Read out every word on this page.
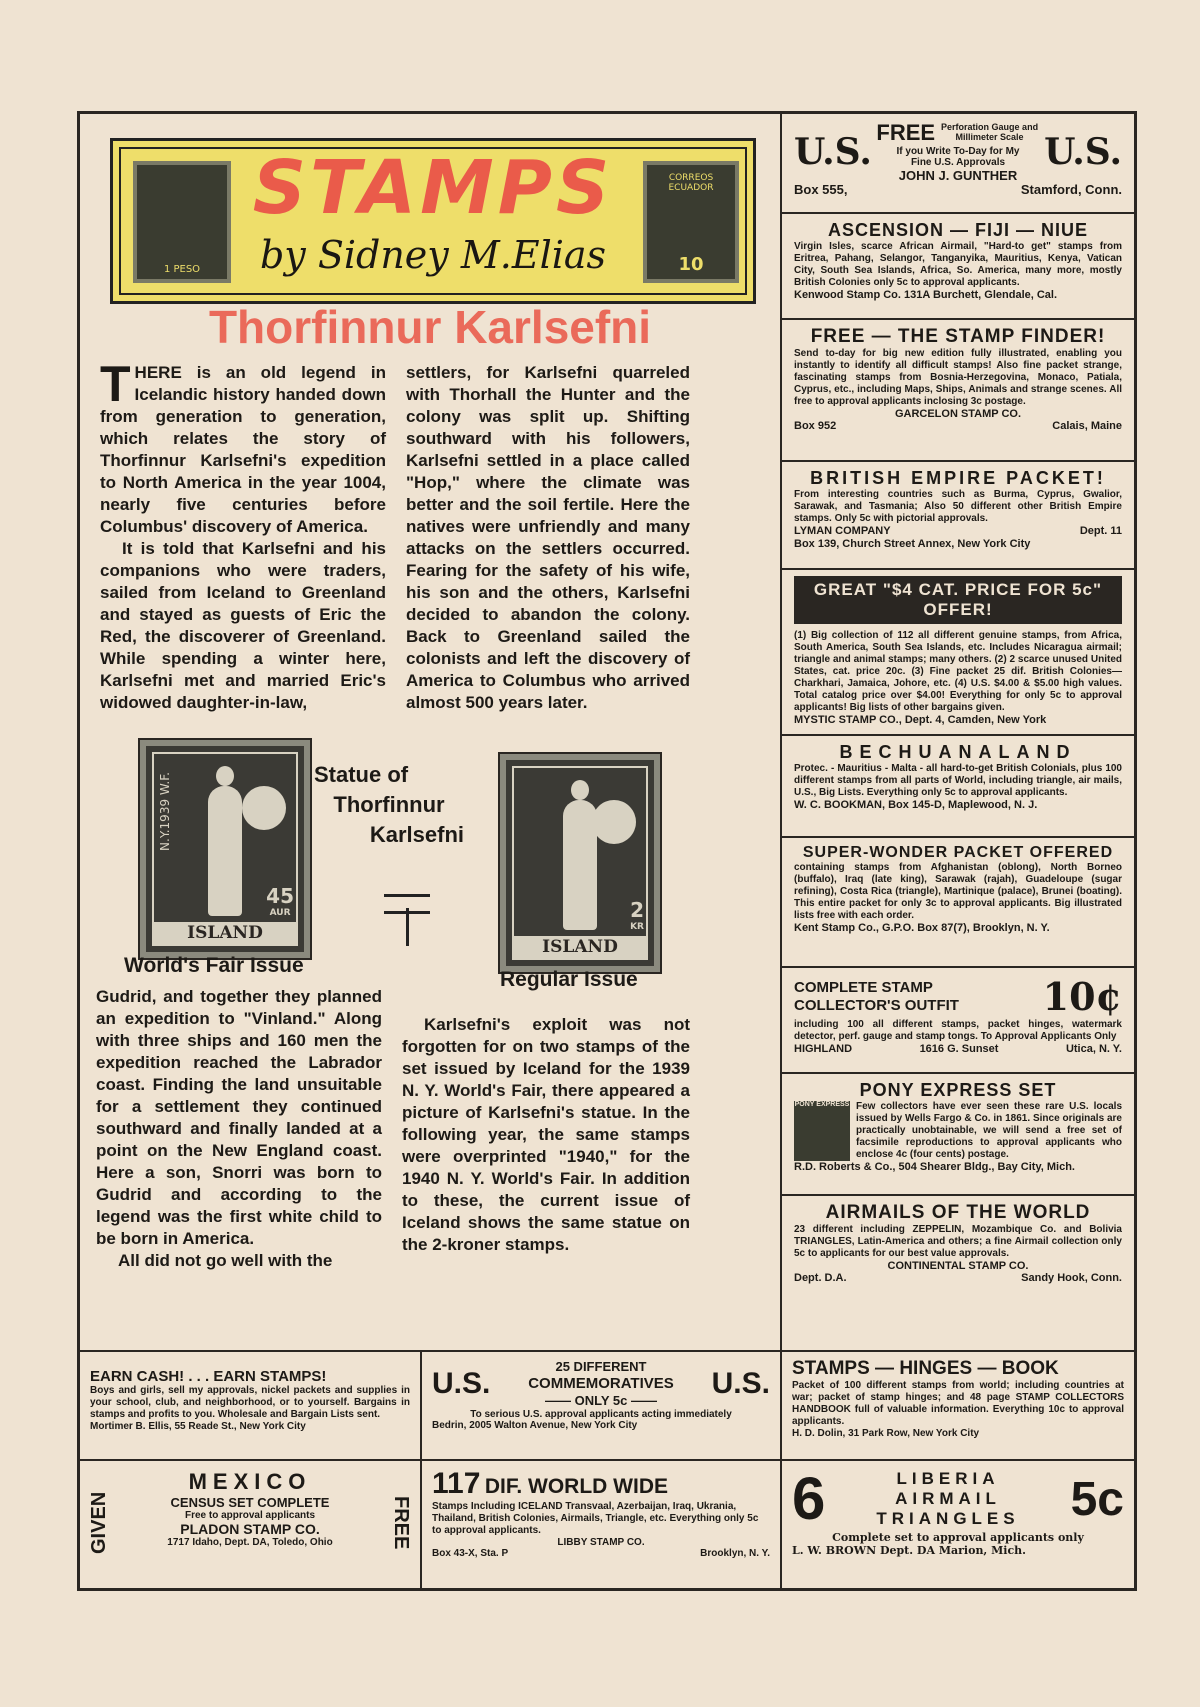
1 PESO
CORREOS ECUADOR
10
STAMPS
by Sidney M.Elias
Thorfinnur Karlsefni

THERE is an old legend in Icelandic history handed down from generation to generation, which relates the story of Thorfinnur Karlsefni's expedition to North America in the year 1004, nearly five centuries before Columbus' discovery of America.

It is told that Karlsefni and his companions who were traders, sailed from Iceland to Greenland and stayed as guests of Eric the Red, the discoverer of Greenland. While spending a winter here, Karlsefni met and married Eric's widowed daughter-in-law,

settlers, for Karlsefni quarreled with Thorhall the Hunter and the colony was split up. Shifting southward with his followers, Karlsefni settled in a place called "Hop," where the climate was better and the soil fertile. Here the natives were unfriendly and many attacks on the settlers occurred. Fearing for the safety of his wife, his son and the others, Karlsefni decided to abandon the colony. Back to Greenland sailed the colonists and left the discovery of America to Columbus who arrived almost 500 years later.

N.Y.1939 W.F.
45
AUR
ISLAND
World's Fair Issue
Statue of
Thorfinnur
Karlsefni
2
KR
ISLAND
Regular Issue

Gudrid, and together they planned an expedition to "Vinland." Along with three ships and 160 men the expedition reached the Labrador coast. Finding the land unsuitable for a settlement they continued southward and finally landed at a point on the New England coast. Here a son, Snorri was born to Gudrid and according to the legend was the first white child to be born in America.

All did not go well with the

Karlsefni's exploit was not forgotten for on two stamps of the set issued by Iceland for the 1939 N. Y. World's Fair, there appeared a picture of Karlsefni's statue. In the following year, the same stamps were overprinted "1940," for the 1940 N. Y. World's Fair. In addition to these, the current issue of Iceland shows the same statue on the 2-kroner stamps.

U.S. FREE Perforation Gauge and Millimeter Scale
If you Write To-Day for My
Fine U.S. Approvals
JOHN J. GUNTHER
U.S.
Box 555,	Stamford, Conn.
ASCENSION — FIJI — NIUE
Virgin Isles, scarce African Airmail, "Hard-to get" stamps from Eritrea, Pahang, Selangor, Tanganyika, Mauritius, Kenya, Vatican City, South Sea Islands, Africa, So. America, many more, mostly British Colonies only 5c to approval applicants.
Kenwood Stamp Co. 131A Burchett, Glendale, Cal.
FREE — THE STAMP FINDER!
Send to-day for big new edition fully illustrated, enabling you instantly to identify all difficult stamps! Also fine packet strange, fascinating stamps from Bosnia-Herzegovina, Monaco, Patiala, Cyprus, etc., including Maps, Ships, Animals and strange scenes. All free to approval applicants inclosing 3c postage.
GARCELON STAMP CO.
Box 952	Calais, Maine
BRITISH EMPIRE PACKET!
From interesting countries such as Burma, Cyprus, Gwalior, Sarawak, and Tasmania; Also 50 different other British Empire stamps. Only 5c with pictorial approvals.
LYMAN COMPANY	Dept. 11
Box 139, Church Street Annex, New York City
GREAT "$4 CAT. PRICE FOR 5c" OFFER!
(1) Big collection of 112 all different genuine stamps, from Africa, South America, South Sea Islands, etc. Includes Nicaragua airmail; triangle and animal stamps; many others. (2) 2 scarce unused United States, cat. price 20c. (3) Fine packet 25 dif. British Colonies—Charkhari, Jamaica, Johore, etc. (4) U.S. $4.00 & $5.00 high values. Total catalog price over $4.00! Everything for only 5c to approval applicants! Big lists of other bargains given.
MYSTIC STAMP CO., Dept. 4, Camden, New York
BECHUANALAND
Protec. - Mauritius - Malta - all hard-to-get British Colonials, plus 100 different stamps from all parts of World, including triangle, air mails, U.S., Big Lists. Everything only 5c to approval applicants.
W. C. BOOKMAN, Box 145-D, Maplewood, N. J.
SUPER-WONDER PACKET OFFERED
containing stamps from Afghanistan (oblong), North Borneo (buffalo), Iraq (late king), Sarawak (rajah), Guadeloupe (sugar refining), Costa Rica (triangle), Martinique (palace), Brunei (boating). This entire packet for only 3c to approval applicants. Big illustrated lists free with each order.
Kent Stamp Co., G.P.O. Box 87(7), Brooklyn, N. Y.
COMPLETE STAMP
COLLECTOR'S OUTFIT 10¢
including 100 all different stamps, packet hinges, watermark detector, perf. gauge and stamp tongs. To Approval Applicants Only
HIGHLAND	1616 G. Sunset	Utica, N. Y.
PONY EXPRESS SET
PONY EXPRESS Few collectors have ever seen these rare U.S. locals issued by Wells Fargo & Co. in 1861. Since originals are practically unobtainable, we will send a free set of facsimile reproductions to approval applicants who enclose 4c (four cents) postage.
R.D. Roberts & Co., 504 Shearer Bldg., Bay City, Mich.
AIRMAILS OF THE WORLD
23 different including ZEPPELIN, Mozambique Co. and Bolivia TRIANGLES, Latin-America and others; a fine Airmail collection only 5c to applicants for our best value approvals.
CONTINENTAL STAMP CO.
Dept. D.A.	Sandy Hook, Conn.
EARN CASH! . . . EARN STAMPS!
Boys and girls, sell my approvals, nickel packets and supplies in your school, club, and neighborhood, or to yourself. Bargains in stamps and profits to you. Wholesale and Bargain Lists sent.
Mortimer B. Ellis, 55 Reade St., New York City
U.S.	25 DIFFERENT
COMMEMORATIVES
—— ONLY 5c ——
U.S.
To serious U.S. approval applicants acting immediately
Bedrin, 2005 Walton Avenue, New York City
STAMPS — HINGES — BOOK
Packet of 100 different stamps from world; including countries at war; packet of stamp hinges; and 48 page STAMP COLLECTORS HANDBOOK full of valuable information. Everything 10c to approval applicants.
H. D. Dolin, 31 Park Row, New York City
GIVEN	FREE
MEXICO
CENSUS SET COMPLETE
Free to approval applicants
PLADON STAMP CO.
1717 Idaho, Dept. DA, Toledo, Ohio
117 DIF. WORLD WIDE
Stamps Including ICELAND Transvaal, Azerbaijan, Iraq, Ukrania, Thailand, British Colonies, Airmails, Triangle, etc. Everything only 5c to approval applicants.
LIBBY STAMP CO.
Box 43-X, Sta. P	Brooklyn, N. Y.
6	LIBERIA
AIRMAIL
TRIANGLES 5c
Complete set to approval applicants only
L. W. BROWN Dept. DA Marion, Mich.
